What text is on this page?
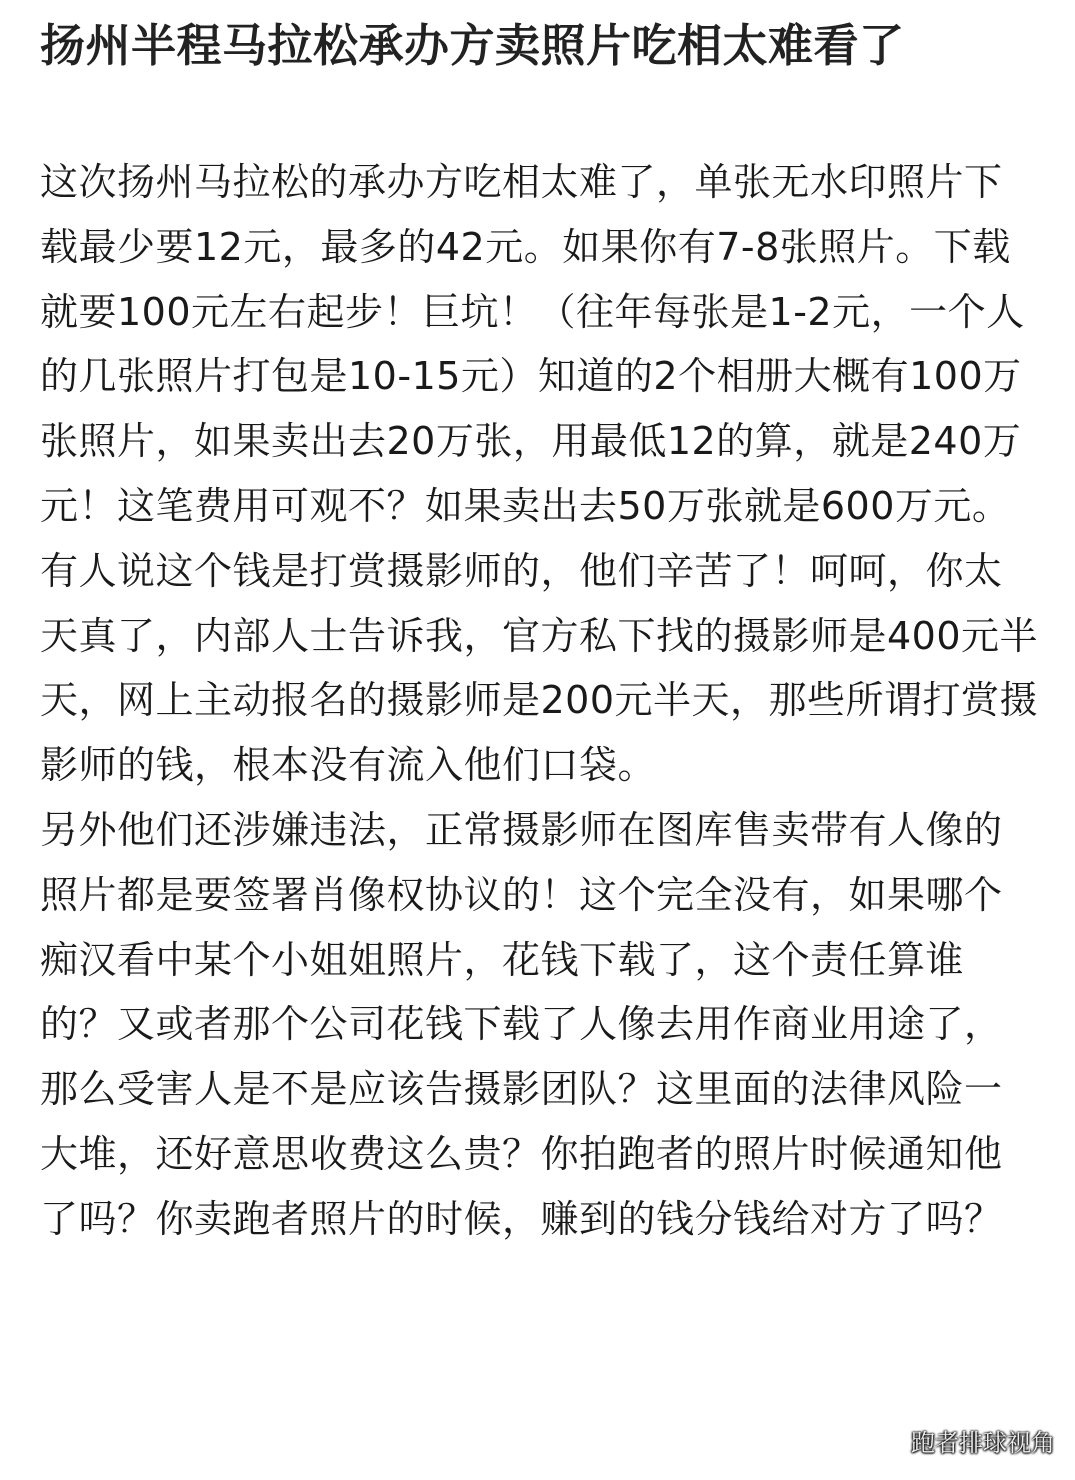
扬州半程马拉松承办方卖照片吃相太难看了

这次扬州马拉松的承办方吃相太难了，单张无水印照片下载最少要12元，最多的42元。如果你有7-8张照片。下载就要100元左右起步！巨坑！（往年每张是1-2元，一个人的几张照片打包是10-15元）知道的2个相册大概有100万张照片，如果卖出去20万张，用最低12的算，就是240万元！这笔费用可观不？如果卖出去50万张就是600万元。

有人说这个钱是打赏摄影师的，他们辛苦了！呵呵，你太天真了，内部人士告诉我，官方私下找的摄影师是400元半天，网上主动报名的摄影师是200元半天，那些所谓打赏摄影师的钱，根本没有流入他们口袋。

另外他们还涉嫌违法，正常摄影师在图库售卖带有人像的照片都是要签署肖像权协议的！这个完全没有，如果哪个痴汉看中某个小姐姐照片，花钱下载了，这个责任算谁的？又或者那个公司花钱下载了人像去用作商业用途了，那么受害人是不是应该告摄影团队？这里面的法律风险一大堆，还好意思收费这么贵？你拍跑者的照片时候通知他了吗？你卖跑者照片的时候，赚到的钱分钱给对方了吗？

跑者排球视角
